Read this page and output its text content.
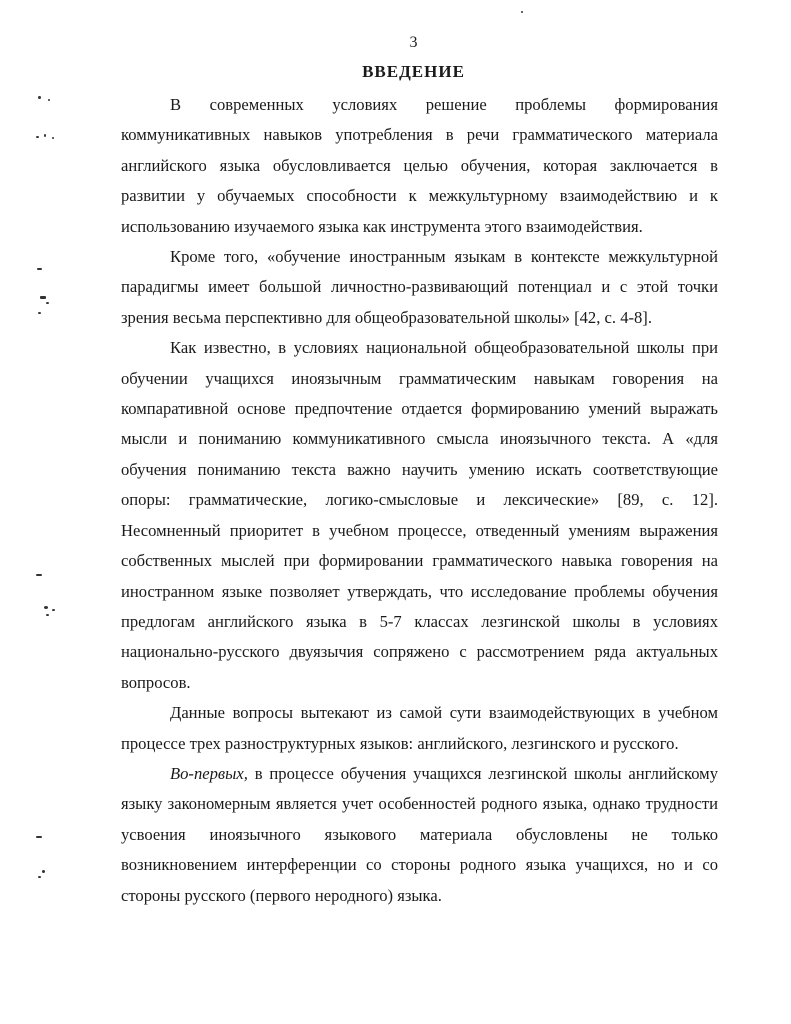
3
ВВЕДЕНИЕ

В современных условиях решение проблемы формирования коммуникативных навыков употребления в речи грамматического материала английского языка обусловливается целью обучения, которая заключается в развитии у обучаемых способности к межкультурному взаимодействию и к использованию изучаемого языка как инструмента этого взаимодействия.

Кроме того, «обучение иностранным языкам в контексте межкультурной парадигмы имеет большой личностно-развивающий потенциал и с этой точки зрения весьма перспективно для общеобразовательной школы» [42, с. 4-8].

Как известно, в условиях национальной общеобразовательной школы при обучении учащихся иноязычным грамматическим навыкам говорения на компаративной основе предпочтение отдается формированию умений выражать мысли и пониманию коммуникативного смысла иноязычного текста. А «для обучения пониманию текста важно научить умению искать соответствующие опоры: грамматические, логико-смысловые и лексические» [89, с. 12]. Несомненный приоритет в учебном процессе, отведенный умениям выражения собственных мыслей при формировании грамматического навыка говорения на иностранном языке позволяет утверждать, что исследование проблемы обучения предлогам английского языка в 5-7 классах лезгинской школы в условиях национально-русского двуязычия сопряжено с рассмотрением ряда актуальных вопросов.

Данные вопросы вытекают из самой сути взаимодействующих в учебном процессе трех разноструктурных языков: английского, лезгинского и русского.

Во-первых, в процессе обучения учащихся лезгинской школы английскому языку закономерным является учет особенностей родного языка, однако трудности усвоения иноязычного языкового материала обусловлены не только возникновением интерференции со стороны родного языка учащихся, но и со стороны русского (первого неродного) языка.
